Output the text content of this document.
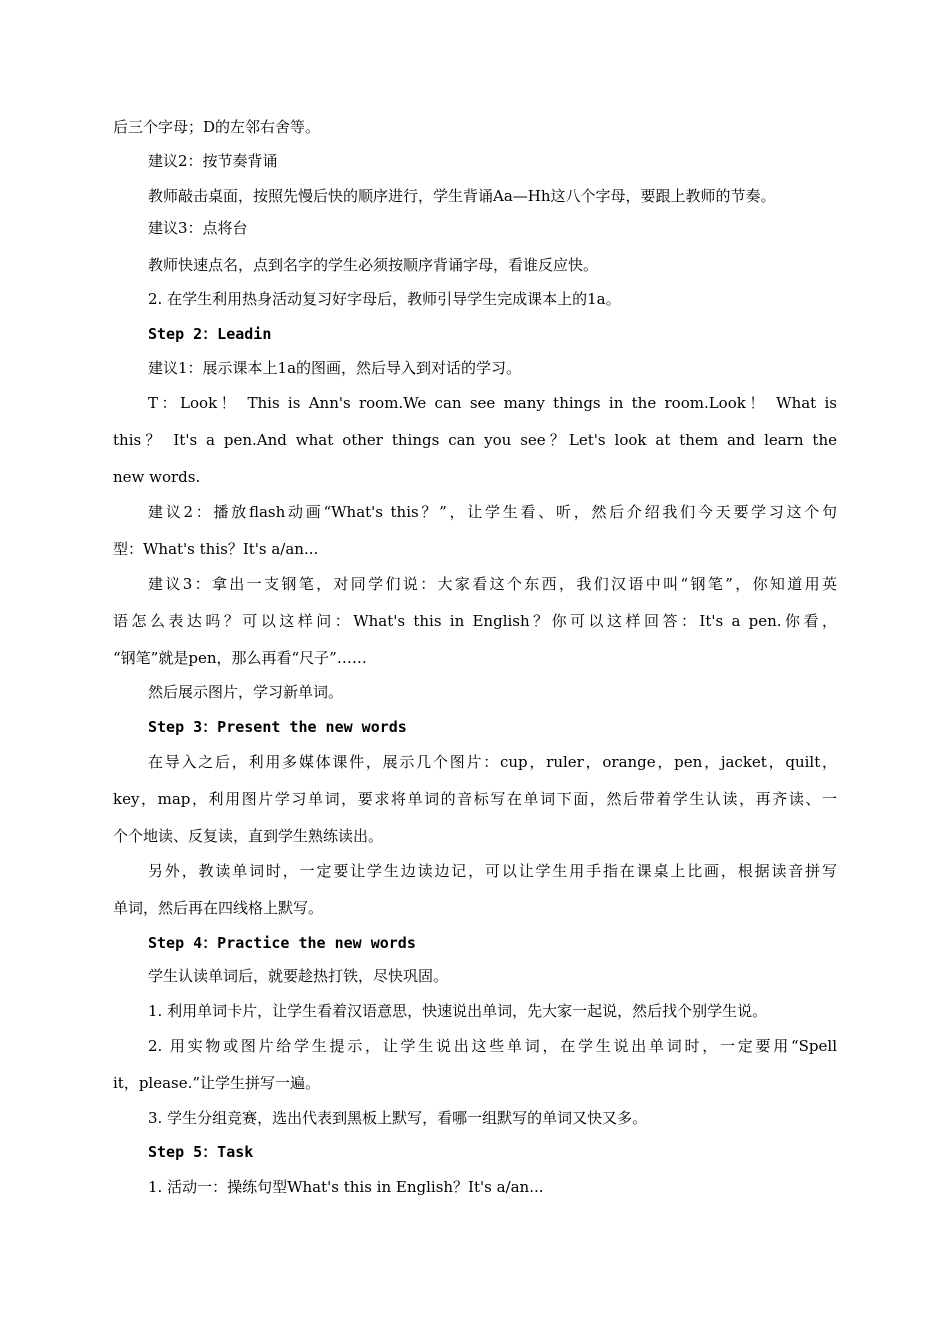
后三个字母；D的左邻右舍等。
建议2：按节奏背诵
教师敲击桌面，按照先慢后快的顺序进行，学生背诵Aa—Hh这八个字母，要跟上教师的节奏。
建议3：点将台
教师快速点名，点到名字的学生必须按顺序背诵字母，看谁反应快。
2. 在学生利用热身活动复习好字母后，教师引导学生完成课本上的1a。
Step 2：Leadin
建议1：展示课本上1a的图画，然后导入到对话的学习。
T：Look！ This is Ann's room.We can see many things in the room.Look！ What is
this？ It's a pen.And what other things can you see？Let's look at them and learn the
new words.
建议2：播放flash动画“What's this？”，让学生看、听，然后介绍我们今天要学习这个句
型：What's this？It's a/an...
建议3：拿出一支钢笔，对同学们说：大家看这个东西，我们汉语中叫“钢笔”，你知道用英
语怎么表达吗？可以这样问：What's this in English？你可以这样回答：It's a pen.你看，
“钢笔”就是pen，那么再看“尺子”……
然后展示图片，学习新单词。
Step 3：Present the new words
在导入之后，利用多媒体课件，展示几个图片：cup，ruler，orange，pen，jacket，quilt，
key，map，利用图片学习单词，要求将单词的音标写在单词下面，然后带着学生认读，再齐读、一
个个地读、反复读，直到学生熟练读出。
另外，教读单词时，一定要让学生边读边记，可以让学生用手指在课桌上比画，根据读音拼写
单词，然后再在四线格上默写。
Step 4：Practice the new words
学生认读单词后，就要趁热打铁，尽快巩固。
1. 利用单词卡片，让学生看着汉语意思，快速说出单词，先大家一起说，然后找个别学生说。
2. 用实物或图片给学生提示，让学生说出这些单词，在学生说出单词时，一定要用“Spell
it，please.”让学生拼写一遍。
3. 学生分组竞赛，选出代表到黑板上默写，看哪一组默写的单词又快又多。
Step 5：Task
1. 活动一：操练句型What's this in English？It's a/an...
